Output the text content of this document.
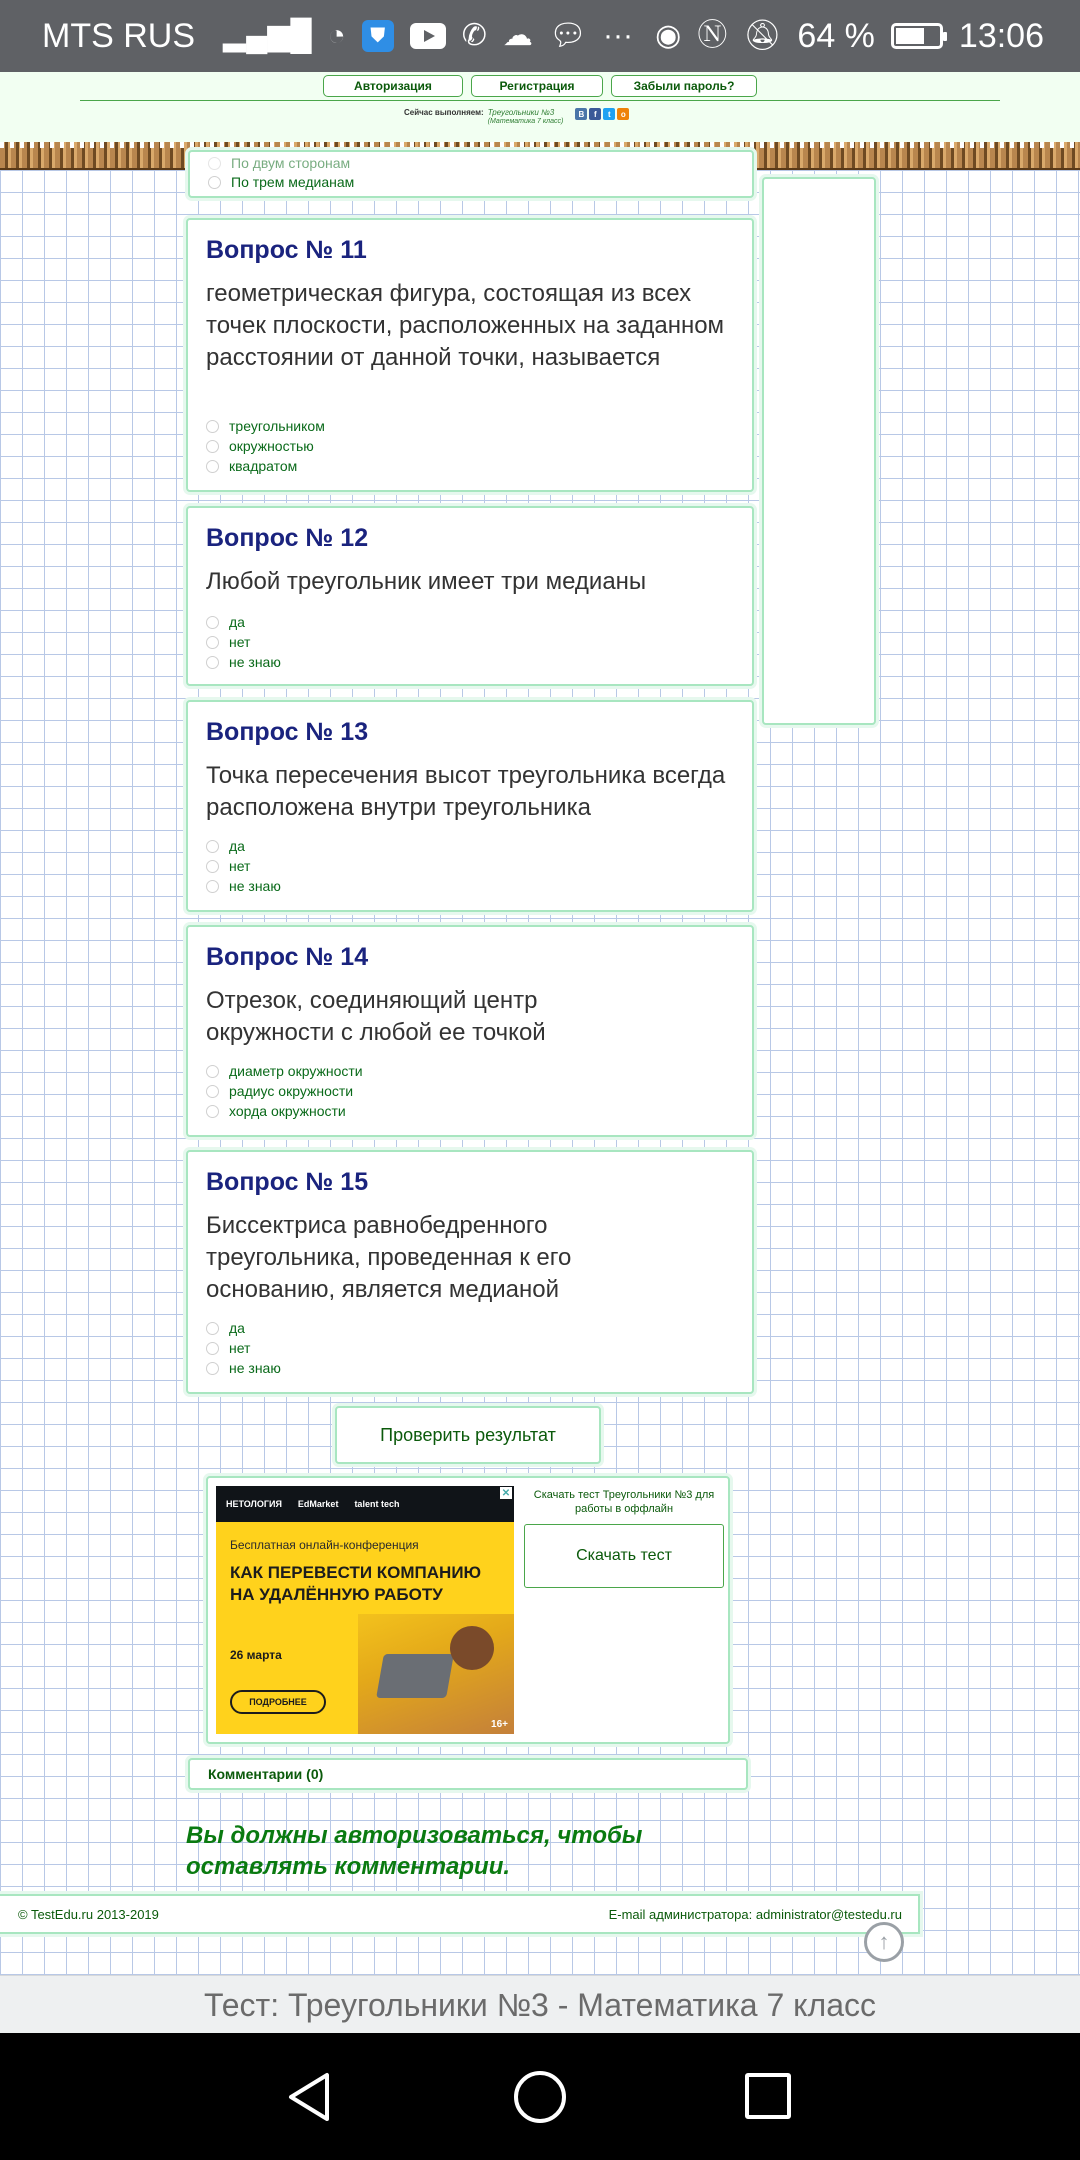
MTS RUS ▂▄▆█ ◔	⛊	✆ ☁ 💬︎ ··· ◉ Ⓝ 🔕︎ 64 % 13:06
Авторизация	Регистрация	Забыли пароль?
Сейчас выполняем: Треугольники №3
(Математика 7 класс)
B	f	t	o
По двум сторонам
По трем медианам
Вопрос № 11
геометрическая фигура, состоящая из всех точек плоскости, расположенных на заданном расстоянии от данной точки, называется
треугольником
окружностью
квадратом
Вопрос № 12
Любой треугольник имеет три медианы
да
нет
не знаю
Вопрос № 13
Точка пересечения высот треугольника всегда расположена внутри треугольника
да
нет
не знаю
Вопрос № 14
Отрезок, соединяющий центр окружности с любой ее точкой
диаметр окружности
радиус окружности
хорда окружности
Вопрос № 15
Биссектриса равнобедренного треугольника, проведенная к его основанию, является медианой
да
нет
не знаю
Проверить результат
НЕТОЛОГИЯ EdMarket talent tech
✕
Бесплатная онлайн-конференция
КАК ПЕРЕВЕСТИ КОМПАНИЮ НА УДАЛЁННУЮ РАБОТУ
26 марта
ПОДРОБНЕЕ
16+
Скачать тест Треугольники №3 для работы в оффлайн
Скачать тест
Комментарии (0)
Вы должны авторизоваться, чтобы оставлять комментарии.
© TestEdu.ru 2013-2019	E-mail администратора: administrator@testedu.ru
↑
Тест: Треугольники №3 - Математика 7 класс
